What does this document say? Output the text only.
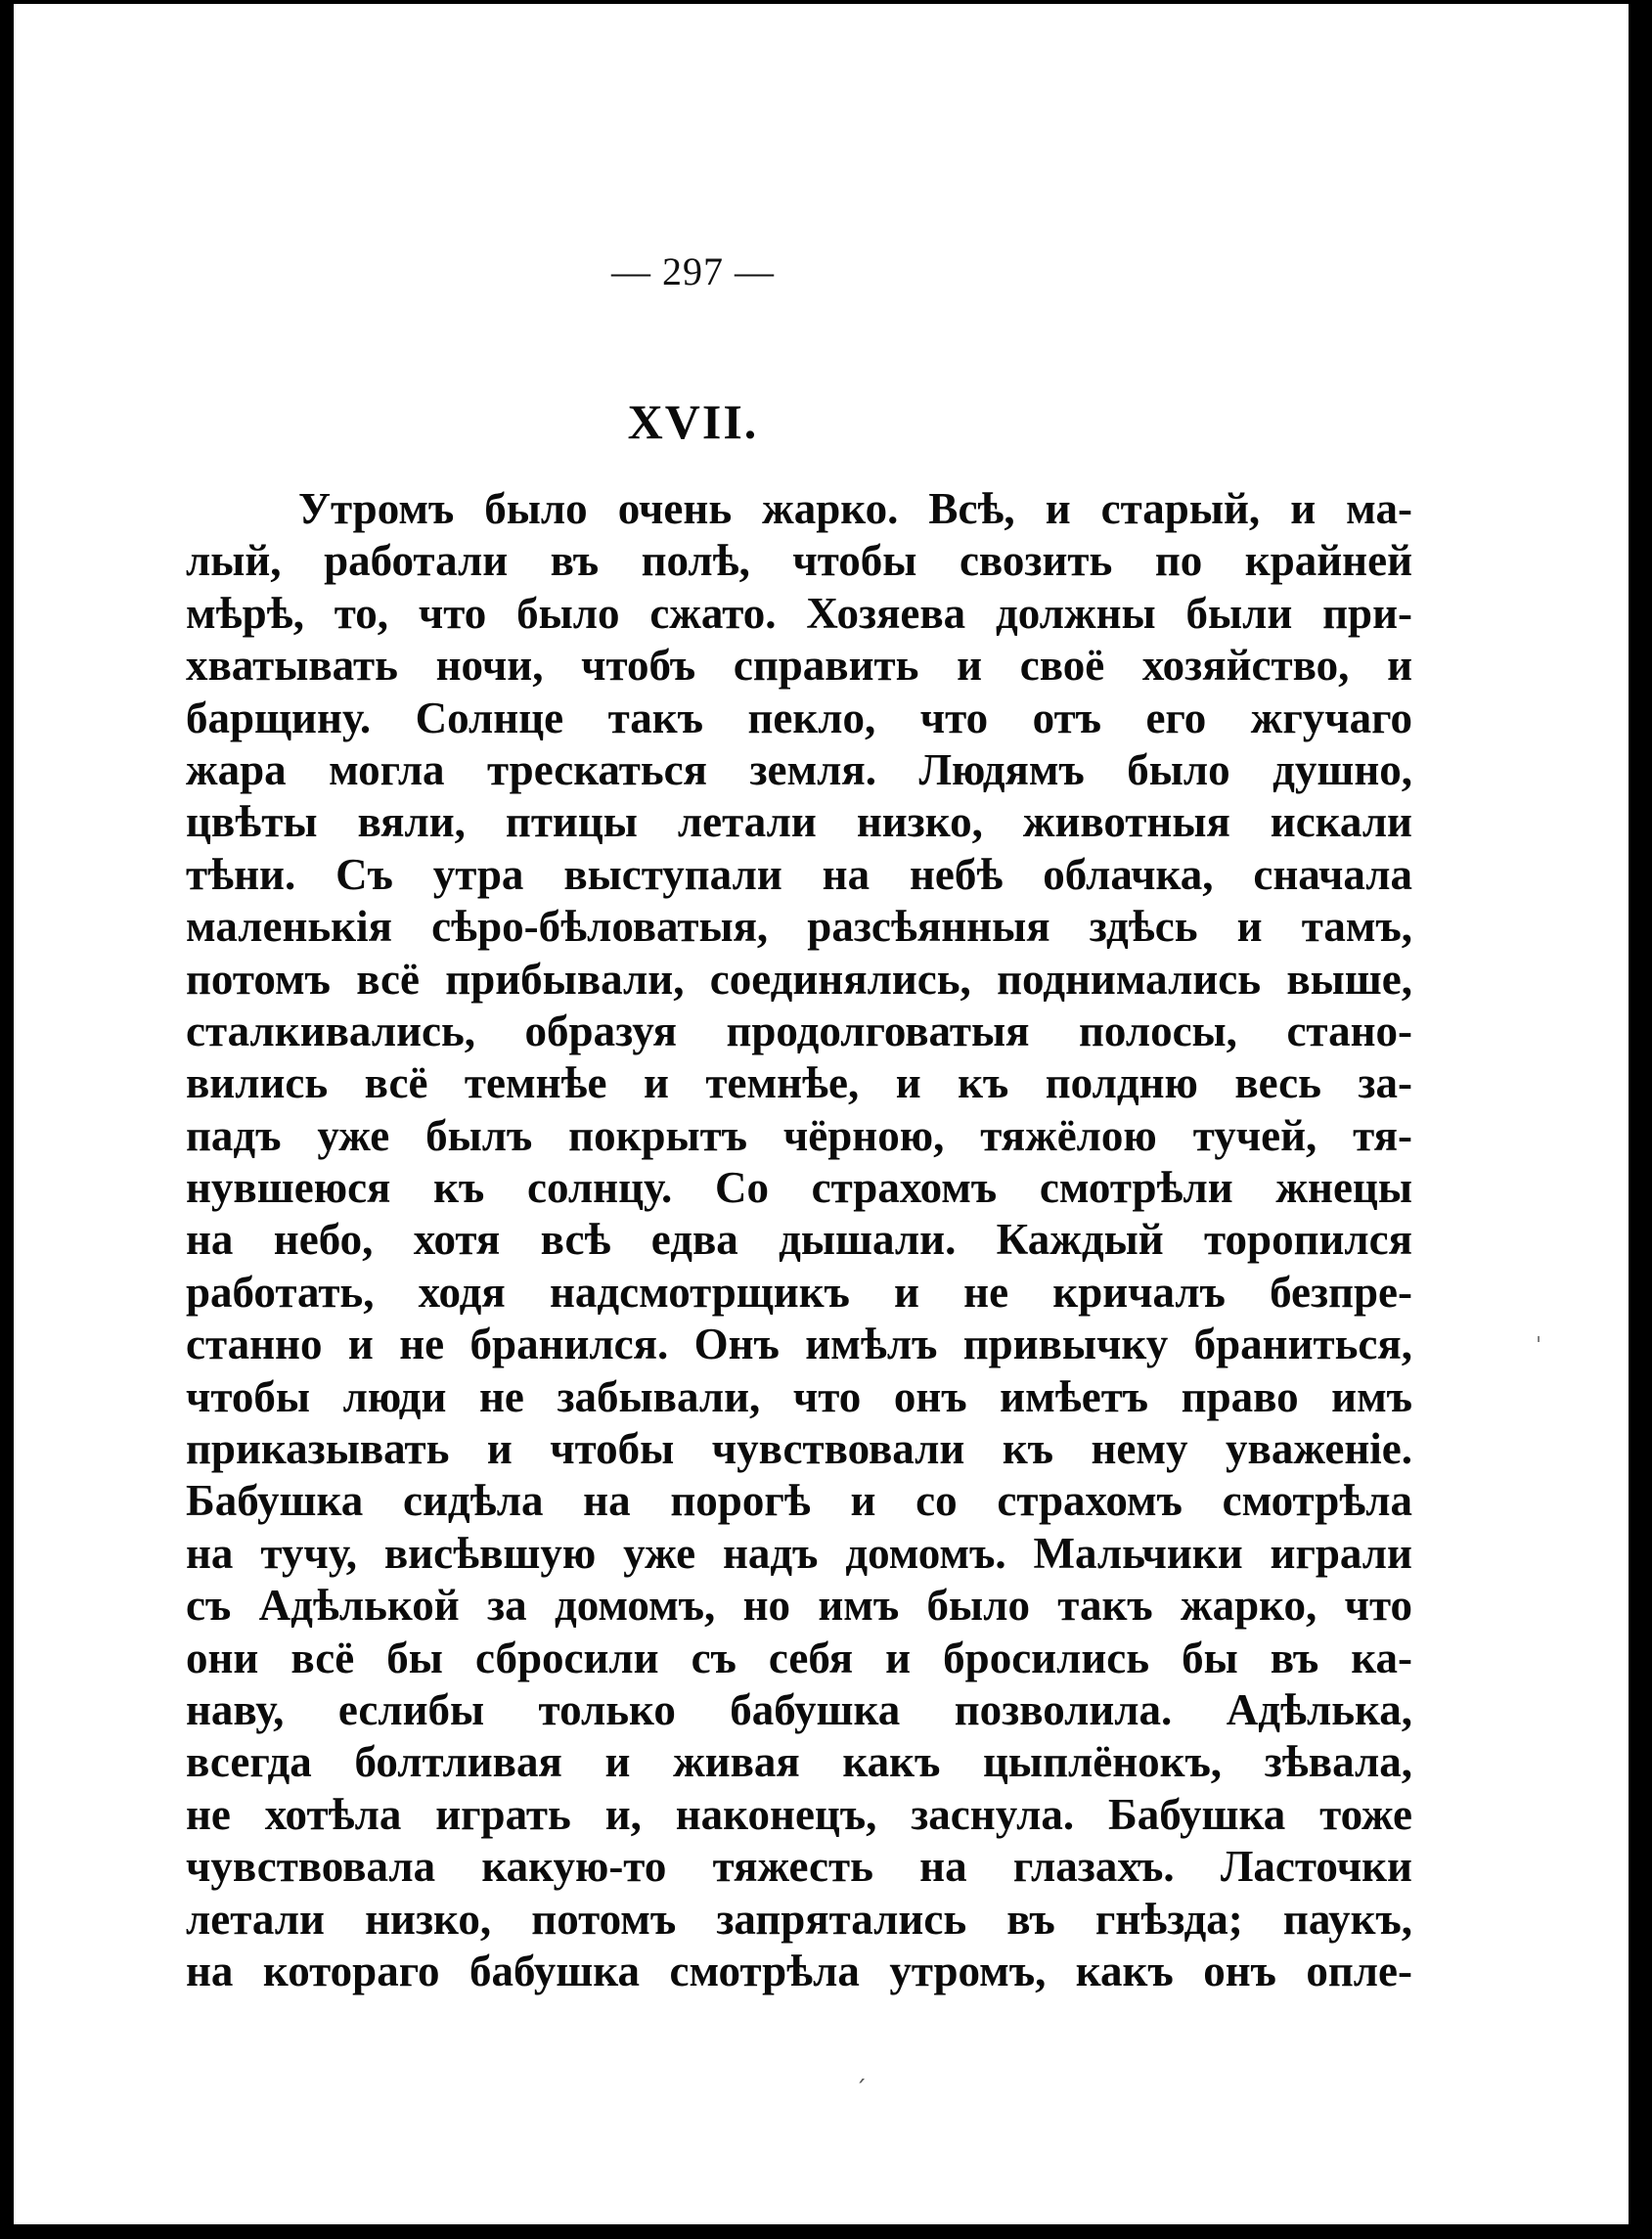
— 297 —
XVII.
Утромъ было очень жарко. Всѣ, и старый, и ма-
лый, работали въ полѣ, чтобы свозить по крайней
мѣрѣ, то, что было сжато. Хозяева должны были при-
хватывать ночи, чтобъ справить и своё хозяйство, и
барщину. Солнце такъ пекло, что отъ его жгучаго
жара могла трескаться земля. Людямъ было душно,
цвѣты вяли, птицы летали низко, животныя искали
тѣни. Съ утра выступали на небѣ облачка, сначала
маленькія сѣро-бѣловатыя, разсѣянныя здѣсь и тамъ,
потомъ всё прибывали, соединялись, поднимались выше,
сталкивались, образуя продолговатыя полосы, стано-
вились всё темнѣе и темнѣе, и къ полдню весь за-
падъ уже былъ покрытъ чёрною, тяжёлою тучей, тя-
нувшеюся къ солнцу. Со страхомъ смотрѣли жнецы
на небо, хотя всѣ едва дышали. Каждый торопился
работать, ходя надсмотрщикъ и не кричалъ безпре-
станно и не бранился. Онъ имѣлъ привычку браниться,
чтобы люди не забывали, что онъ имѣетъ право имъ
приказывать и чтобы чувствовали къ нему уваженіе.
Бабушка сидѣла на порогѣ и со страхомъ смотрѣла
на тучу, висѣвшую уже надъ домомъ. Мальчики играли
съ Адѣлькой за домомъ, но имъ было такъ жарко, что
они всё бы сбросили съ себя и бросились бы въ ка-
наву, еслибы только бабушка позволила. Адѣлька,
всегда болтливая и живая какъ цыплёнокъ, зѣвала,
не хотѣла играть и, наконецъ, заснула. Бабушка тоже
чувствовала какую-то тяжесть на глазахъ. Ласточки
летали низко, потомъ запрятались въ гнѣзда; паукъ,
на котораго бабушка смотрѣла утромъ, какъ онъ опле-
ˈ
ˏ
